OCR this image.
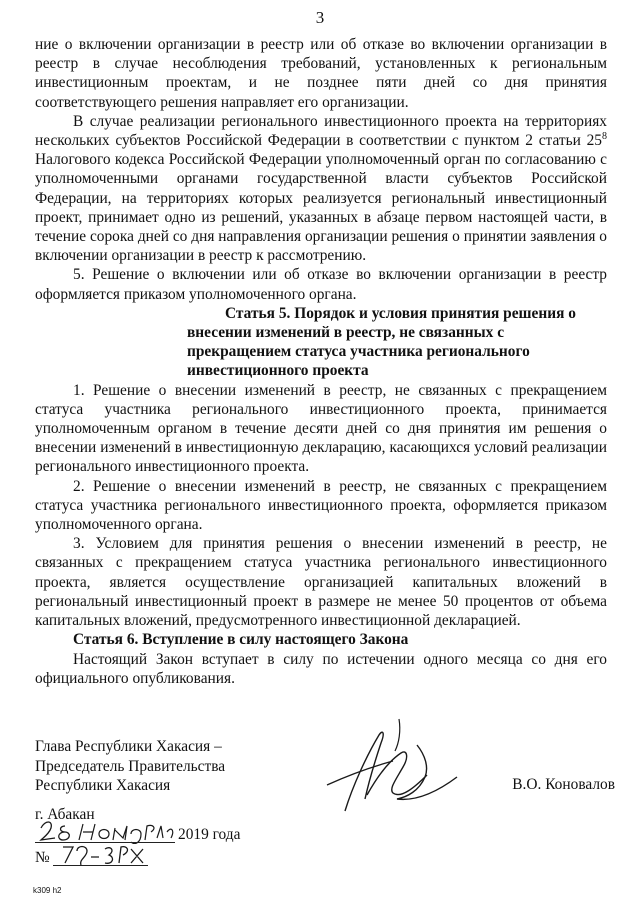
3

ние о включении организации в реестр или об отказе во включении организации в реестр в случае несоблюдения требований, установленных к региональным инвестиционным проектам, и не позднее пяти дней со дня принятия соответствующего решения направляет его организации.

В случае реализации регионального инвестиционного проекта на территориях нескольких субъектов Российской Федерации в соответствии с пунктом 2 статьи $25^8$ Налогового кодекса Российской Федерации уполномоченный орган по согласованию с уполномоченными органами государственной власти субъектов Российской Федерации, на территориях которых реализуется региональный инвестиционный проект, принимает одно из решений, указанных в абзаце первом настоящей части, в течение сорока дней со дня направления организации решения о принятии заявления о включении организации в реестр к рассмотрению.

5. Решение о включении или об отказе во включении организации в реестр оформляется приказом уполномоченного органа.

Статья 5. Порядок и условия принятия решения о внесении изменений в реестр, не связанных с прекращением статуса участника регионального инвестиционного проекта

1. Решение о внесении изменений в реестр, не связанных с прекращением статуса участника регионального инвестиционного проекта, принимается уполномоченным органом в течение десяти дней со дня принятия им решения о внесении изменений в инвестиционную декларацию, касающихся условий реализации регионального инвестиционного проекта.

2. Решение о внесении изменений в реестр, не связанных с прекращением статуса участника регионального инвестиционного проекта, оформляется приказом уполномоченного органа.

3. Условием для принятия решения о внесении изменений в реестр, не связанных с прекращением статуса участника регионального инвестиционного проекта, является осуществление организацией капитальных вложений в региональный инвестиционный проект в размере не менее 50 процентов от объема капитальных вложений, предусмотренного инвестиционной декларацией.

Статья 6. Вступление в силу настоящего Закона

Настоящий Закон вступает в силу по истечении одного месяца со дня его официального опубликования.

Глава Республики Хакасия –
Председатель Правительства
Республики Хакасия	В.О. Коновалов
г. Абакан
2019 года
№
k309 h2
